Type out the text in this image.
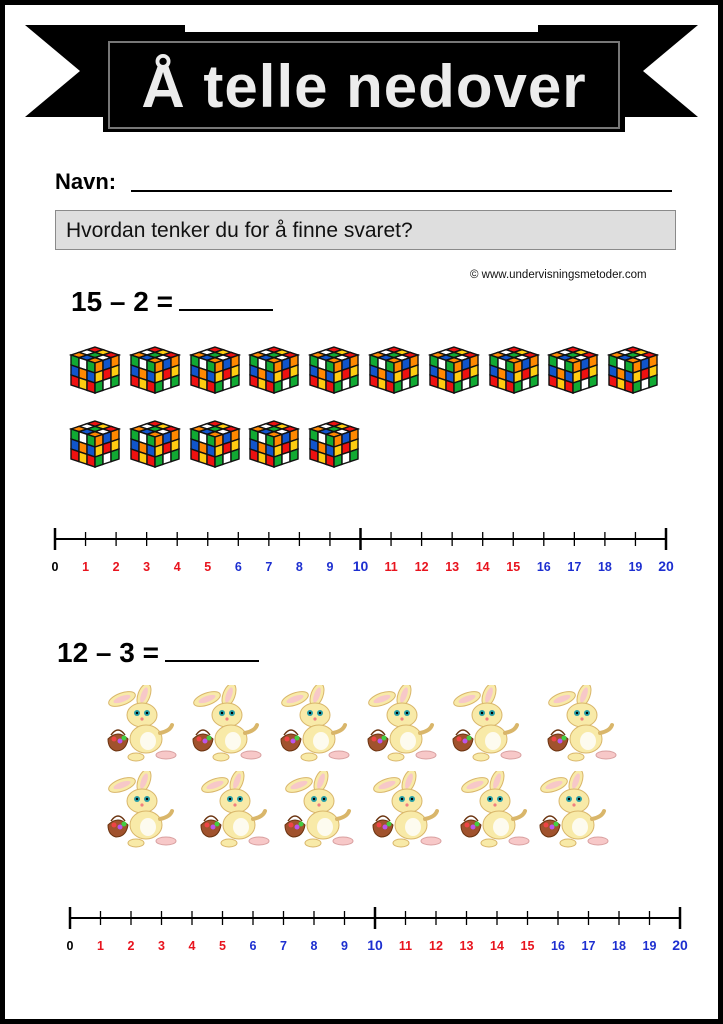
Å telle nedover
Navn:
Hvordan tenker du for å finne svaret?
© www.undervisningsmetoder.com
15 – 2 =
0 1 2 3 4 5 6 7 8 9 10 11 12 13 14 15 16 17 18 19 20
12 – 3 =
0 1 2 3 4 5 6 7 8 9 10 11 12 13 14 15 16 17 18 19 20
